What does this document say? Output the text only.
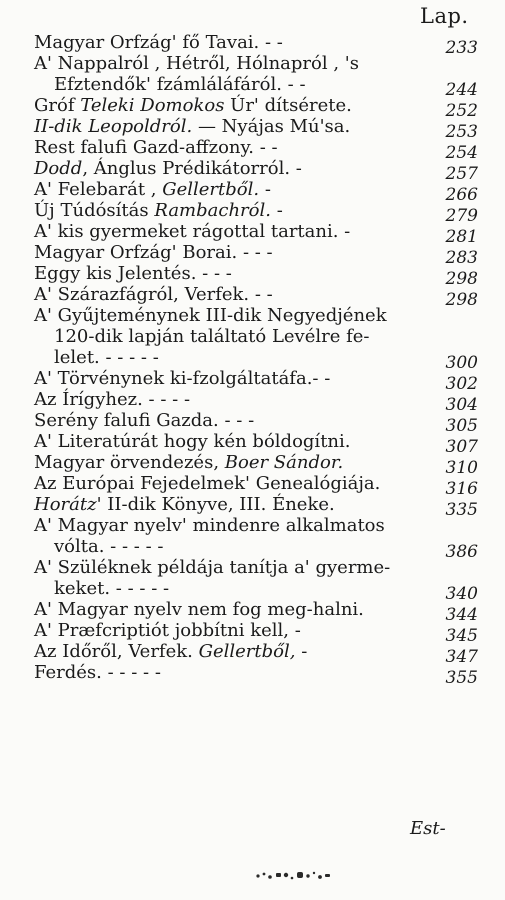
Lap.
Magyar Orfzág' fő Tavai. - -	233
A' Nappalról , Hétről, Hólnapról , 's
Efztendők' fzámláláfáról. - -	244
Gróf Teleki Domokos Úr' dítsérete.	252
II-dik Leopoldról. — Nyájas Mú'sa.	253
Rest falufi Gazd-affzony. - -	254
Dodd, Ánglus Prédikátorról. -	257
A' Felebarát , Gellertből. -	266
Új Túdósítás Rambachról. -	279
A' kis gyermeket rágottal tartani. -	281
Magyar Orfzág' Borai. - - -	283
Eggy kis Jelentés. - - -	298
A' Szárazfágról, Verfek. - -	298
A' Gyűjteménynek III-dik Negyedjének
120-dik lapján találtató Levélre fe-
lelet. - - - - -	300
A' Törvénynek ki-fzolgáltatáfa.- -	302
Az Írígyhez. - - - -	304
Serény falufi Gazda. - - -	305
A' Literatúrát hogy kén bóldogítni.	307
Magyar örvendezés, Boer Sándor.	310
Az Európai Fejedelmek' Genealógiája.	316
Horátz' II-dik Könyve, III. Éneke.	335
A' Magyar nyelv' mindenre alkalmatos
vólta. - - - - -	386
A' Szüléknek példája tanítja a' gyerme-
keket. - - - - -	340
A' Magyar nyelv nem fog meg-halni.	344
A' Præfcriptiót jobbítni kell, -	345
Az Időről, Verfek. Gellertből, -	347
Ferdés. - - - - -	355
Est-
